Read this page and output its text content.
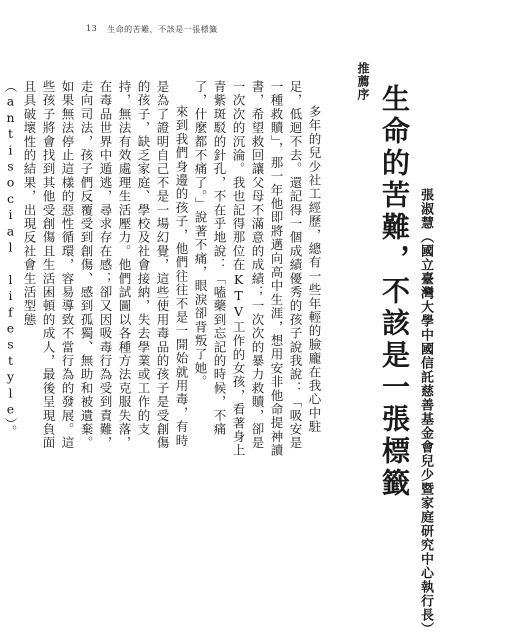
13 生命的苦難，不該是一張標籤
推薦序
生命的苦難，不該是一張標籤 張淑慧（國立臺灣大學中國信託慈善基金會兒少暨家庭研究中心執行長）

多年的兒少社工經歷，總有一些年輕的臉龐在我心中駐足，低迴不去。還記得一個成績優秀的孩子說我說：「吸安是一種救贖」，那一年他即將邁向高中生涯，想用安非他命提神讀書，希望救回讓父母不滿意的成績；一次次的暴力救贖，卻是一次次的沉淪。我也記得那位在KTV工作的女孩，看著身上青紫斑駁的針孔，不在乎地說：「嗑藥到忘記的時候，不痛了，什麼都不痛了。」說著不痛，眼淚卻背叛了她。

來到我們身邊的孩子，他們往往不是一開始就用毒，有時是為了證明自己不是一場幻覺，這些使用毒品的孩子是受創傷的孩子，缺乏家庭、學校及社會接納，失去學業或工作的支持，無法有效處理生活壓力。他們試圖以各種方法克服失落，在毒品世界中遁逃，尋求存在感；卻又因吸毒行為受到責難，走向司法，孩子們反覆受到創傷、感到孤獨、無助和被遺棄。如果無法停止這樣的惡性循環，容易導致不當行為的發展。這些孩子將會找到其他受創傷且生活困頓的成人，最後呈現負面且具破壞性的結果，出現反社會生活型態（antisocial lifestyle）。
